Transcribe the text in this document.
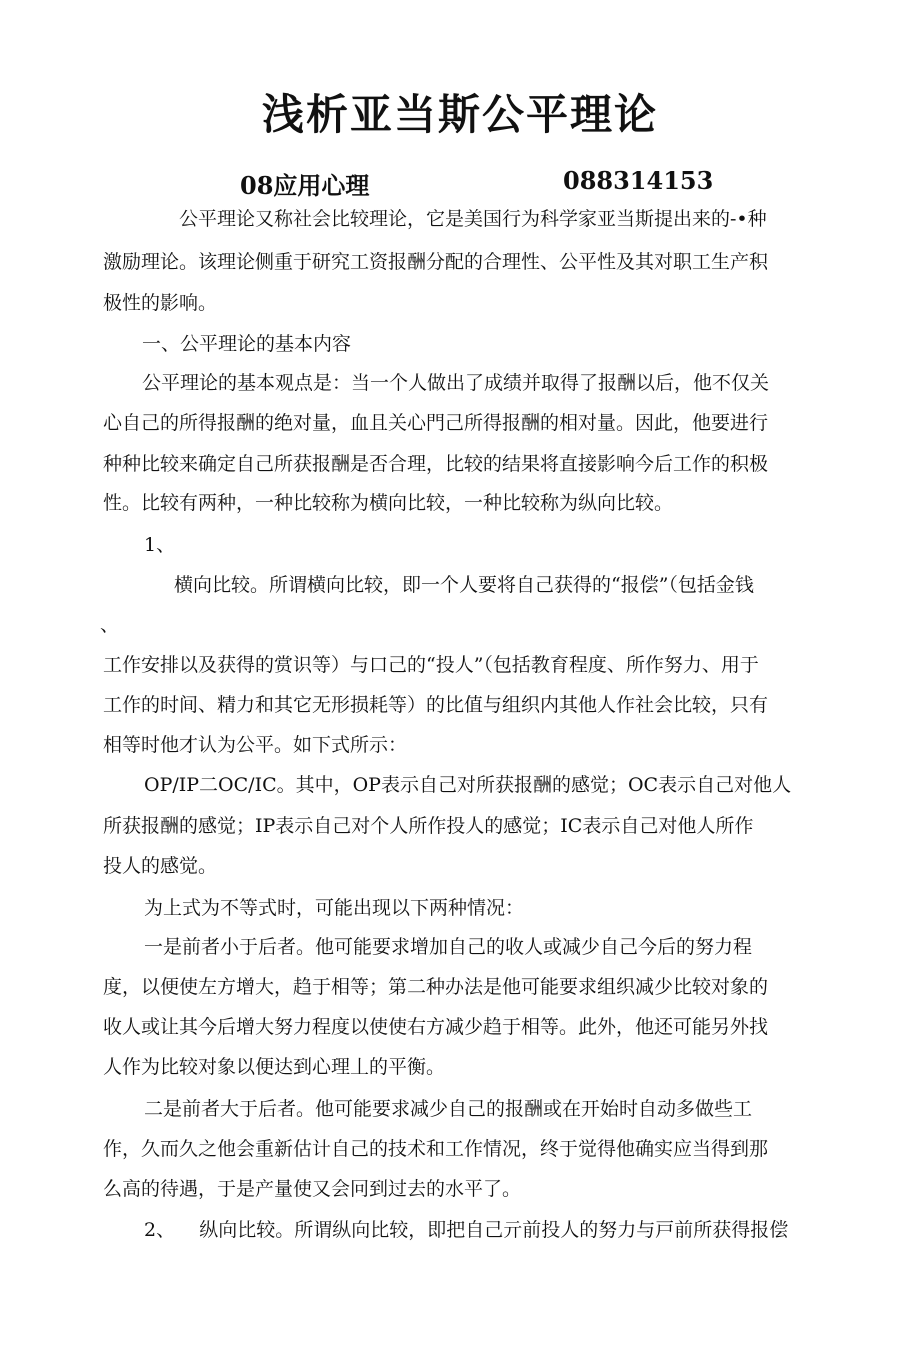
浅析亚当斯公平理论
08应用心理	088314153

公平理论又称社会比较理论，它是美国行为科学家亚当斯提出来的-•种

激励理论。该理论侧重于研究工资报酬分配的合理性、公平性及其对职工生产积

极性的影响。

一、公平理论的基本内容

公平理论的基本观点是：当一个人做出了成绩并取得了报酬以后，他不仅关

心自己的所得报酬的绝对量，血且关心門己所得报酬的相对量。因此，他要进行

种种比较来确定自己所获报酬是否合理，比较的结果将直接影响今后工作的积极

性。比较有两种，一种比较称为横向比较，一种比较称为纵向比较。

1、

横向比较。所谓横向比较，即一个人要将自己获得的“报偿”（包括金钱

、

工作安排以及获得的赏识等）与口己的“投人”（包括教育程度、所作努力、用于

工作的时间、精力和其它无形损耗等）的比值与组织内其他人作社会比较，只有

相等时他才认为公平。如下式所示：

OP/IP二OC/IC。其中，OP表示自己对所获报酬的感觉；OC表示自己对他人

所获报酬的感觉；IP表示自己对个人所作投人的感觉；IC表示自己对他人所作

投人的感觉。

为上式为不等式时，可能出现以下两种情况：

一是前者小于后者。他可能要求增加自己的收人或减少自己今后的努力程

度，以便使左方增大，趋于相等；第二种办法是他可能要求组织减少比较对象的

收人或让其今后增大努力程度以使使右方减少趋于相等。此外，他还可能另外找

人作为比较对象以便达到心理丄的平衡。

二是前者大于后者。他可能要求减少自己的报酬或在开始时自动多做些工

作，久而久之他会重新估计自己的技术和工作情况，终于觉得他确实应当得到那

么高的待遇，于是产量使又会冋到过去的水平了。

2、    纵向比较。所谓纵向比较，即把自己亓前投人的努力与戸前所获得报偿
